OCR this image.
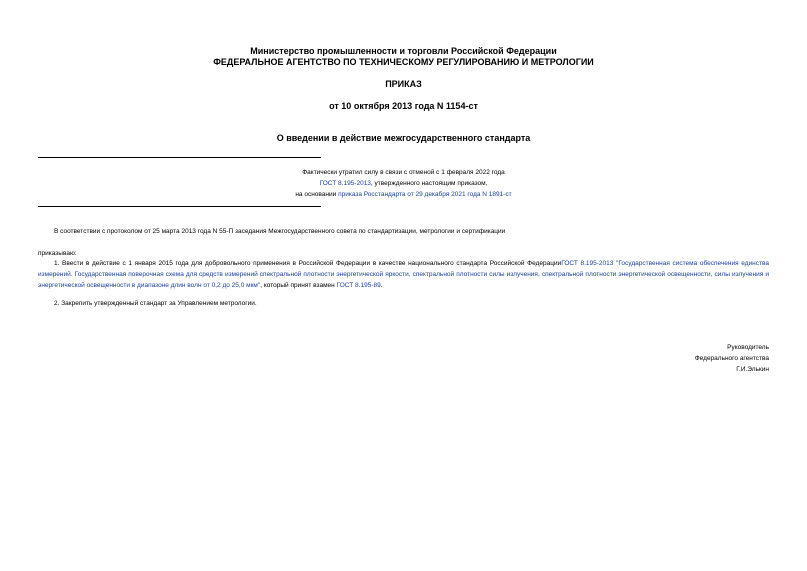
Министерство промышленности и торговли Российской Федерации
ФЕДЕРАЛЬНОЕ АГЕНТСТВО ПО ТЕХНИЧЕСКОМУ РЕГУЛИРОВАНИЮ И МЕТРОЛОГИИ
ПРИКАЗ
от 10 октября 2013 года N 1154-ст
О введении в действие межгосударственного стандарта
Фактически утратил силу в связи с отменой с 1 февраля 2022 года
ГОСТ 8.195-2013, утвержденного настоящим приказом,
на основании приказа Росстандарта от 29 декабря 2021 года N 1891-ст
В соответствии с протоколом от 25 марта 2013 года N 55-П заседания Межгосударственного совета по стандартизации, метрологии и сертификации
приказываю:
1. Ввести в действие с 1 января 2015 года для добровольного применения в Российской Федерации в качестве национального стандарта Российской ФедерацииГОСТ 8.195-2013 "Государственная система обеспечения единства измерений. Государственная поверочная схема для средств измерений спектральной плотности энергетической яркости, спектральной плотности силы излучения, спектральной плотности энергетической освещенности, силы излучения и энергетической освещенности в диапазоне длин волн от 0,2 до 25,0 мкм", который принят взамен ГОСТ 8.195-89.
2. Закрепить утвержденный стандарт за Управлением метрологии.
Руководитель
Федерального агентства
Г.И.Элькин
